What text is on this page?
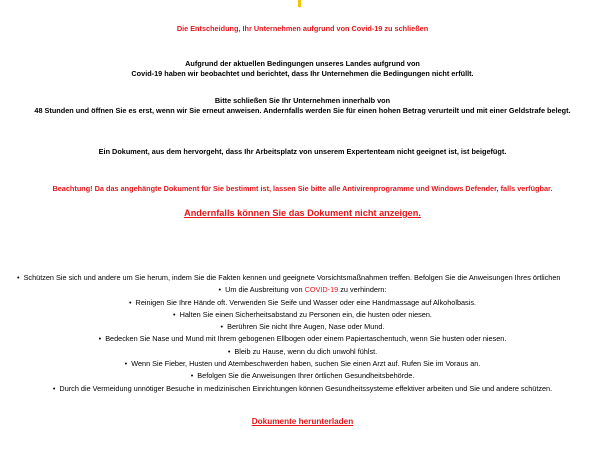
Die Entscheidung, Ihr Unternehmen aufgrund von Covid-19 zu schließen
Aufgrund der aktuellen Bedingungen unseres Landes aufgrund von
Covid-19 haben wir beobachtet und berichtet, dass Ihr Unternehmen die Bedingungen nicht erfüllt.
Bitte schließen Sie Ihr Unternehmen innerhalb von
48 Stunden und öffnen Sie es erst, wenn wir Sie erneut anweisen. Andernfalls werden Sie für einen hohen Betrag verurteilt und mit einer Geldstrafe belegt.
Ein Dokument, aus dem hervorgeht, dass Ihr Arbeitsplatz von unserem Expertenteam nicht geeignet ist, ist beigefügt.
Beachtung! Da das angehängte Dokument für Sie bestimmt ist, lassen Sie bitte alle Antivirenprogramme und Windows Defender, falls verfügbar.
Andernfalls können Sie das Dokument nicht anzeigen.
• Schützen Sie sich und andere um Sie herum, indem Sie die Fakten kennen und geeignete Vorsichtsmaßnahmen treffen. Befolgen Sie die Anweisungen Ihres örtlichen
• Um die Ausbreitung von COVID-19 zu verhindern:
• Reinigen Sie Ihre Hände oft. Verwenden Sie Seife und Wasser oder eine Handmassage auf Alkoholbasis.
• Halten Sie einen Sicherheitsabstand zu Personen ein, die husten oder niesen.
• Berühren Sie nicht Ihre Augen, Nase oder Mund.
• Bedecken Sie Nase und Mund mit Ihrem gebogenen Ellbogen oder einem Papiertaschentuch, wenn Sie husten oder niesen.
• Bleib zu Hause, wenn du dich unwohl fühlst.
• Wenn Sie Fieber, Husten und Atembeschwerden haben, suchen Sie einen Arzt auf. Rufen Sie im Voraus an.
• Befolgen Sie die Anweisungen Ihrer örtlichen Gesundheitsbehörde.
• Durch die Vermeidung unnötiger Besuche in medizinischen Einrichtungen können Gesundheitssysteme effektiver arbeiten und Sie und andere schützen.
Dokumente herunterladen
